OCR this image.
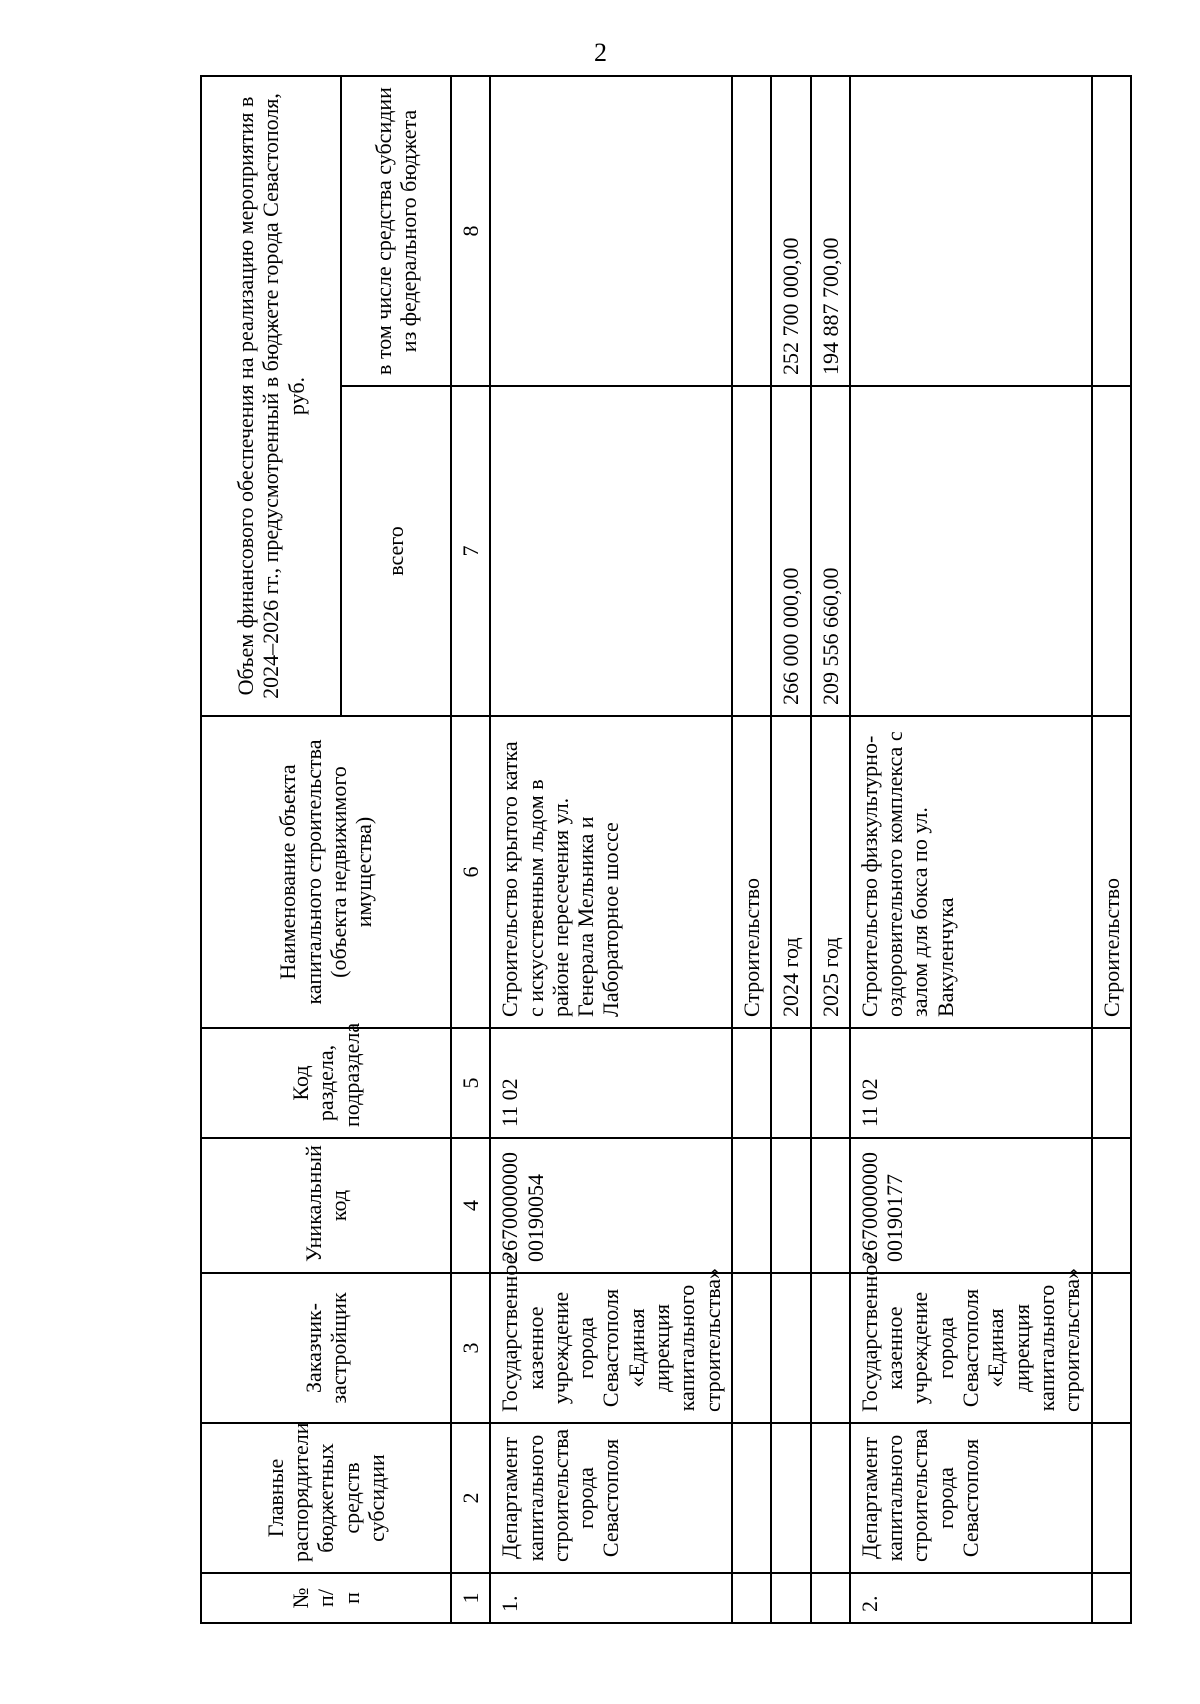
2
№ п/п	Главные распорядители бюджетных средств субсидии	Заказчик-застройщик	Уникальный код	Код раздела, подраздела	Наименование объекта капитального строительства (объекта недвижимого имущества)	Объем финансового обеспечения на реализацию мероприятия в 2024–2026 гг., предусмотренный в бюджете города Севастополя, руб.	
						всего	в том числе средства субсидии из федерального бюджета
1	2	3	4	5	6	7	8
1.	Департамент капитального строительства города Севастополя	Государственное казенное учреждение города Севастополя «Единая дирекция капитального строительства»	2670000000 00190054	11 02	Строительство крытого катка с искусственным льдом в районе пересечения ул. Генерала Мельника и Лабораторное шоссе		
					Строительство		
					2024 год	266 000 000,00	252 700 000,00
					2025 год	209 556 660,00	194 887 700,00
2.	Департамент капитального строительства города Севастополя	Государственное казенное учреждение города Севастополя «Единая дирекция капитального строительства»	2670000000 00190177	11 02	Строительство физкультурно-оздоровительного комплекса с залом для бокса по ул. Вакуленчука		
					Строительство		
